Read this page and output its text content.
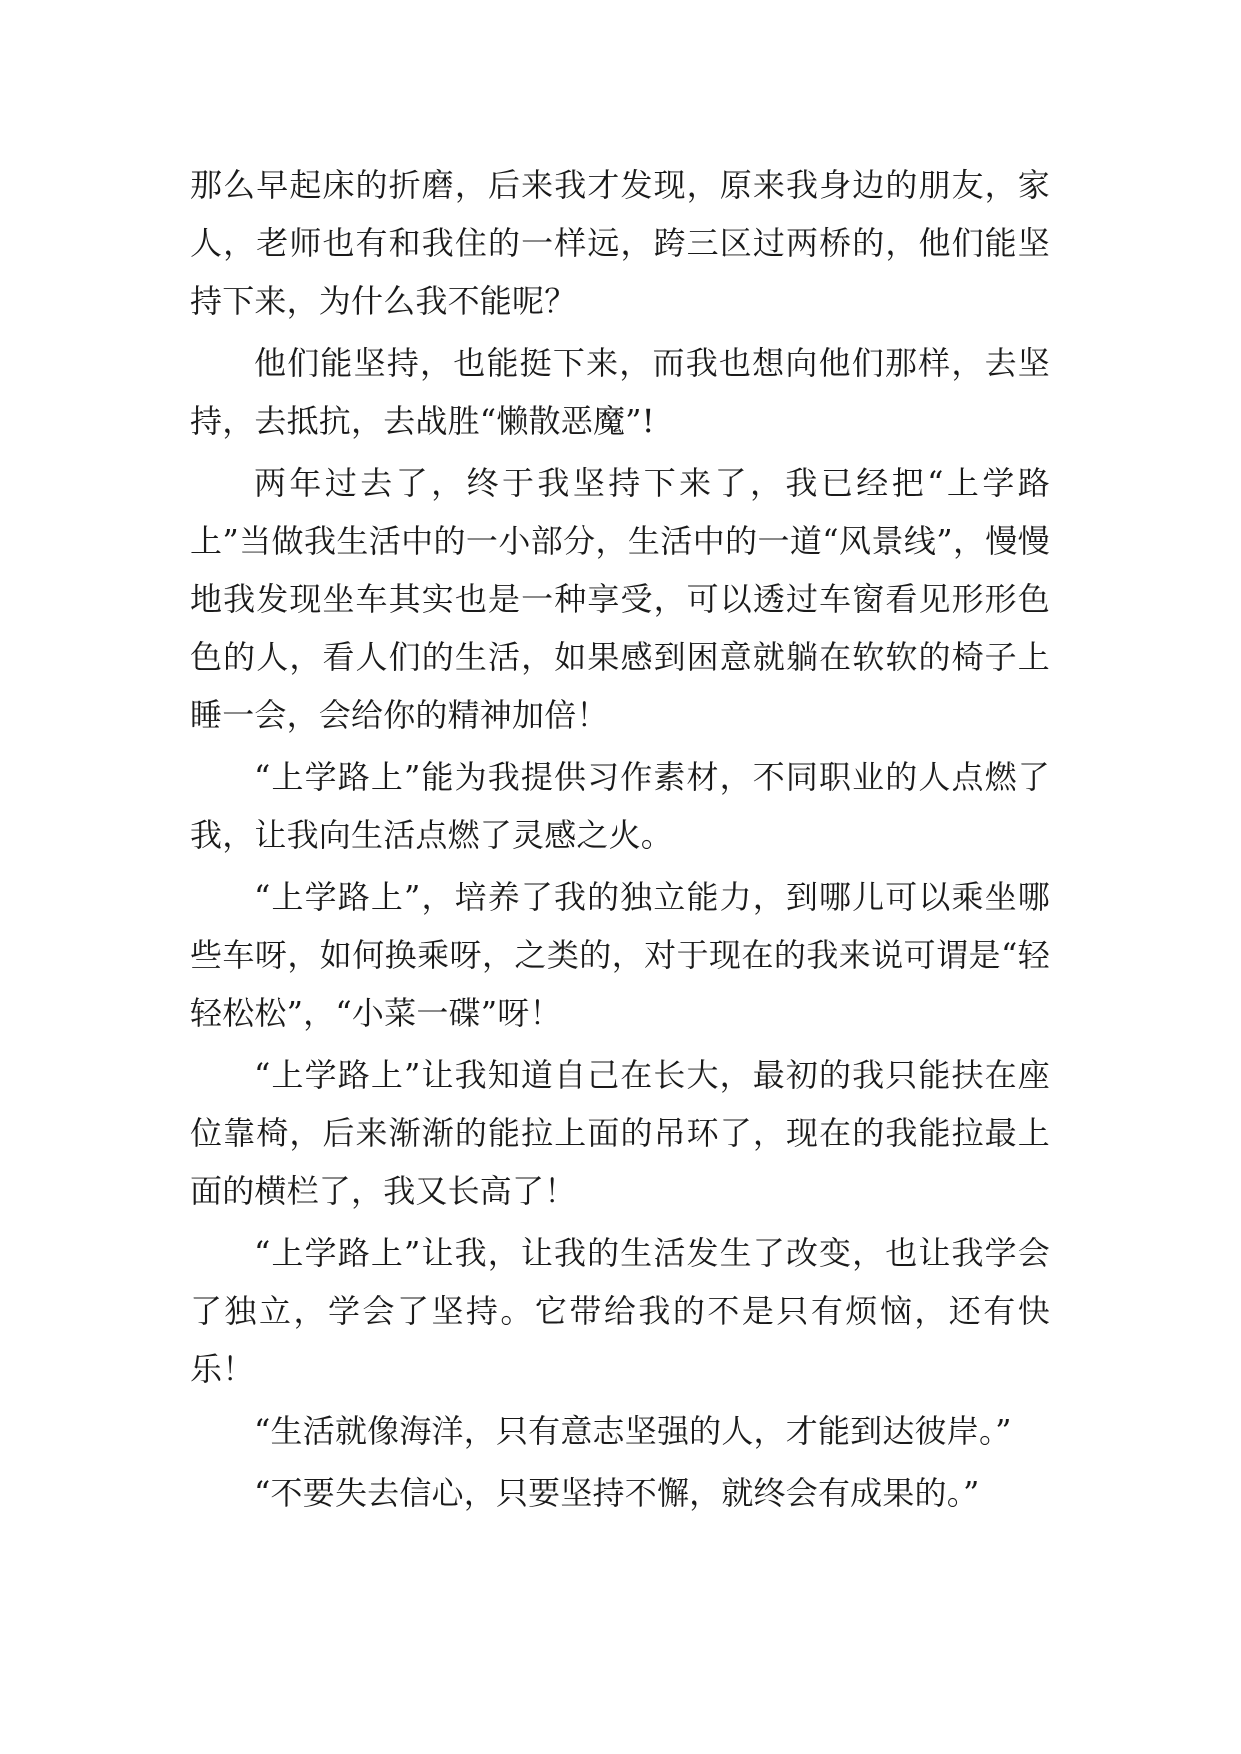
那么早起床的折磨，后来我才发现，原来我身边的朋友，家人，老师也有和我住的一样远，跨三区过两桥的，他们能坚持下来，为什么我不能呢？

他们能坚持，也能挺下来，而我也想向他们那样，去坚持，去抵抗，去战胜“懒散恶魔”!

两年过去了，终于我坚持下来了，我已经把“上学路上”当做我生活中的一小部分，生活中的一道“风景线”，慢慢地我发现坐车其实也是一种享受，可以透过车窗看见形形色色的人，看人们的生活，如果感到困意就躺在软软的椅子上睡一会，会给你的精神加倍！

“上学路上”能为我提供习作素材，不同职业的人点燃了我，让我向生活点燃了灵感之火。

“上学路上”，培养了我的独立能力，到哪儿可以乘坐哪些车呀，如何换乘呀，之类的，对于现在的我来说可谓是“轻轻松松”，“小菜一碟”呀！

“上学路上”让我知道自己在长大，最初的我只能扶在座位靠椅，后来渐渐的能拉上面的吊环了，现在的我能拉最上面的横栏了，我又长高了！

“上学路上”让我，让我的生活发生了改变，也让我学会了独立，学会了坚持。它带给我的不是只有烦恼，还有快乐！

“生活就像海洋，只有意志坚强的人，才能到达彼岸。”

“不要失去信心，只要坚持不懈，就终会有成果的。”
